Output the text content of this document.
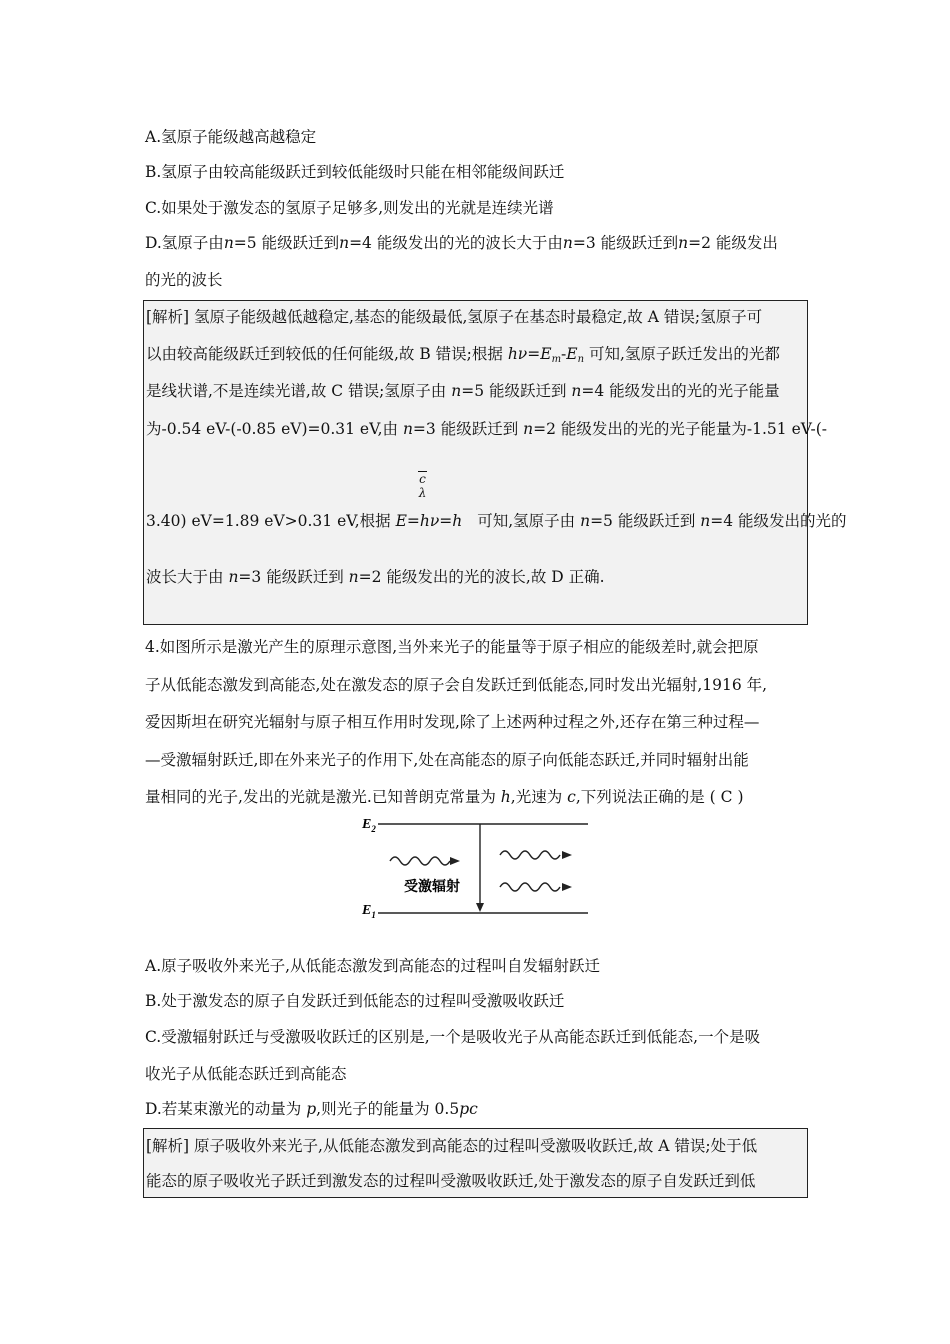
A.氢原子能级越高越稳定
B.氢原子由较高能级跃迁到较低能级时只能在相邻能级间跃迁
C.如果处于激发态的氢原子足够多,则发出的光就是连续光谱
D.氢原子由n=5 能级跃迁到n=4 能级发出的光的波长大于由n=3 能级跃迁到n=2 能级发出
的光的波长
[解析] 氢原子能级越低越稳定,基态的能级最低,氢原子在基态时最稳定,故 A 错误;氢原子可
以由较高能级跃迁到较低的任何能级,故 B 错误;根据 $h\nu=E_m-E_n$ 可知,氢原子跃迁发出的光都
是线状谱,不是连续光谱,故 C 错误;氢原子由 n=5 能级跃迁到 n=4 能级发出的光的光子能量
为-0.54 eV-(-0.85 eV)=0.31 eV,由 n=3 能级跃迁到 n=2 能级发出的光的光子能量为-1.51 eV-(-
c
λ
3.40) eV=1.89 eV>0.31 eV,根据 E=hν=h 可知,氢原子由 n=5 能级跃迁到 n=4 能级发出的光的
波长大于由 n=3 能级跃迁到 n=2 能级发出的光的波长,故 D 正确.
4.如图所示是激光产生的原理示意图,当外来光子的能量等于原子相应的能级差时,就会把原
子从低能态激发到高能态,处在激发态的原子会自发跃迁到低能态,同时发出光辐射,1916 年,
爱因斯坦在研究光辐射与原子相互作用时发现,除了上述两种过程之外,还存在第三种过程—
—受激辐射跃迁,即在外来光子的作用下,处在高能态的原子向低能态跃迁,并同时辐射出能
量相同的光子,发出的光就是激光.已知普朗克常量为 h,光速为 c,下列说法正确的是 ( C )
$E_2$
$E_1$
受激辐射
A.原子吸收外来光子,从低能态激发到高能态的过程叫自发辐射跃迁
B.处于激发态的原子自发跃迁到低能态的过程叫受激吸收跃迁
C.受激辐射跃迁与受激吸收跃迁的区别是,一个是吸收光子从高能态跃迁到低能态,一个是吸
收光子从低能态跃迁到高能态
D.若某束激光的动量为 p,则光子的能量为 0.5pc
[解析] 原子吸收外来光子,从低能态激发到高能态的过程叫受激吸收跃迁,故 A 错误;处于低
能态的原子吸收光子跃迁到激发态的过程叫受激吸收跃迁,处于激发态的原子自发跃迁到低
